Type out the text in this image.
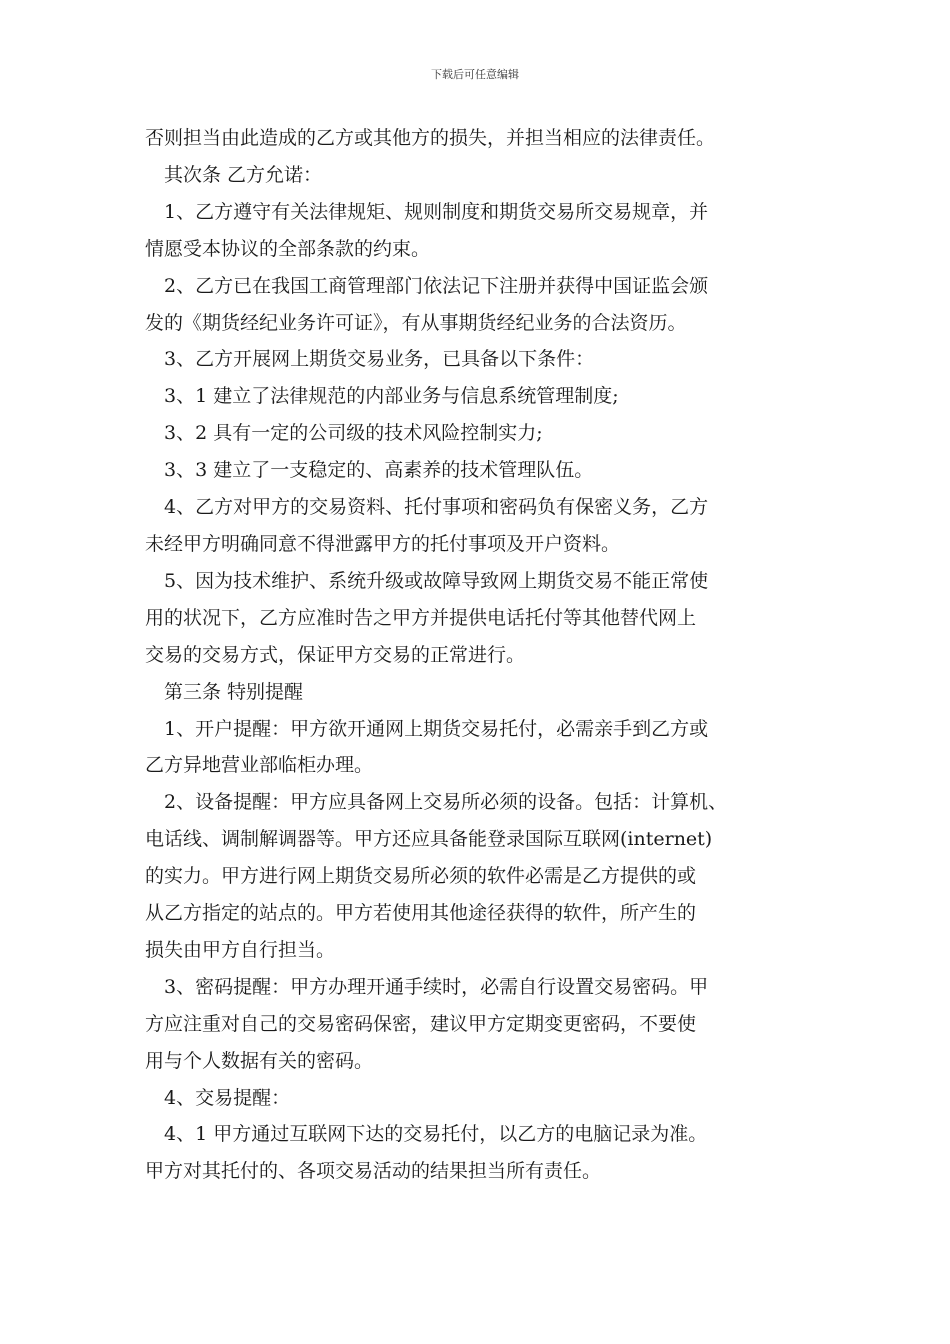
下载后可任意编辑

否则担当由此造成的乙方或其他方的损失，并担当相应的法律责任。

其次条 乙方允诺：

1、乙方遵守有关法律规矩、规则制度和期货交易所交易规章，并

情愿受本协议的全部条款的约束。

2、乙方已在我国工商管理部门依法记下注册并获得中国证监会颁

发的《期货经纪业务许可证》，有从事期货经纪业务的合法资历。

3、乙方开展网上期货交易业务，已具备以下条件：

3、1 建立了法律规范的内部业务与信息系统管理制度;

3、2 具有一定的公司级的技术风险控制实力;

3、3 建立了一支稳定的、高素养的技术管理队伍。

4、乙方对甲方的交易资料、托付事项和密码负有保密义务，乙方

未经甲方明确同意不得泄露甲方的托付事项及开户资料。

5、因为技术维护、系统升级或故障导致网上期货交易不能正常使

用的状况下，乙方应准时告之甲方并提供电话托付等其他替代网上

交易的交易方式，保证甲方交易的正常进行。

第三条 特别提醒

1、开户提醒：甲方欲开通网上期货交易托付，必需亲手到乙方或

乙方异地营业部临柜办理。

2、设备提醒：甲方应具备网上交易所必须的设备。包括：计算机、

电话线、调制解调器等。甲方还应具备能登录国际互联网(internet)

的实力。甲方进行网上期货交易所必须的软件必需是乙方提供的或

从乙方指定的站点的。甲方若使用其他途径获得的软件，所产生的

损失由甲方自行担当。

3、密码提醒：甲方办理开通手续时，必需自行设置交易密码。甲

方应注重对自己的交易密码保密，建议甲方定期变更密码，不要使

用与个人数据有关的密码。

4、交易提醒：

4、1 甲方通过互联网下达的交易托付，以乙方的电脑记录为准。

甲方对其托付的、各项交易活动的结果担当所有责任。
